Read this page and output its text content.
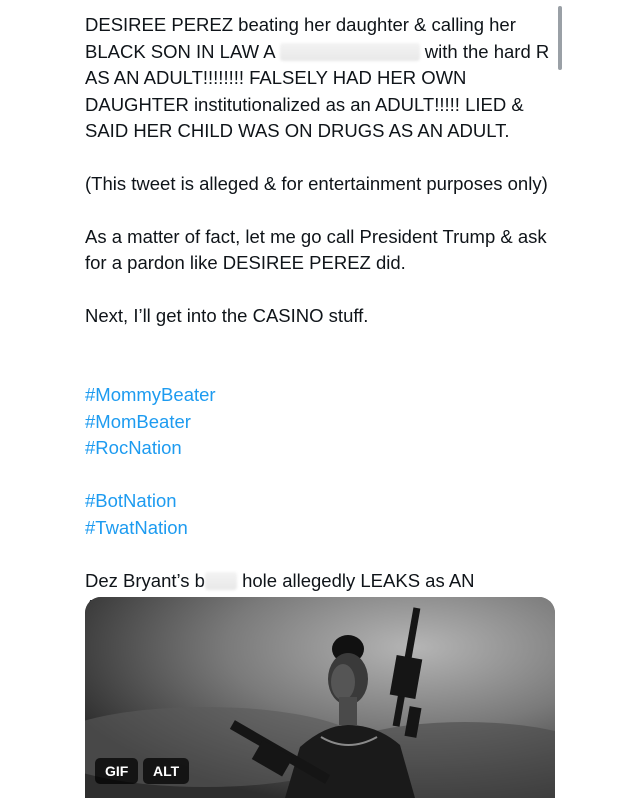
DESIREE PEREZ beating her daughter & calling her BLACK SON IN LAW A	with the hard R AS AN ADULT!!!!!!!! FALSELY HAD HER OWN DAUGHTER institutionalized as an ADULT!!!!! LIED & SAID HER CHILD WAS ON DRUGS AS AN ADULT.

(This tweet is alleged & for entertainment purposes only)

As a matter of fact, let me go call President Trump & ask for a pardon like DESIREE PEREZ did.

Next, I’ll get into the CASINO stuff.

#MommyBeater
#MomBeater
#RocNation

#BotNation
#TwatNation

Dez Bryant’s b hole allegedly LEAKS as AN

GIF	ALT
